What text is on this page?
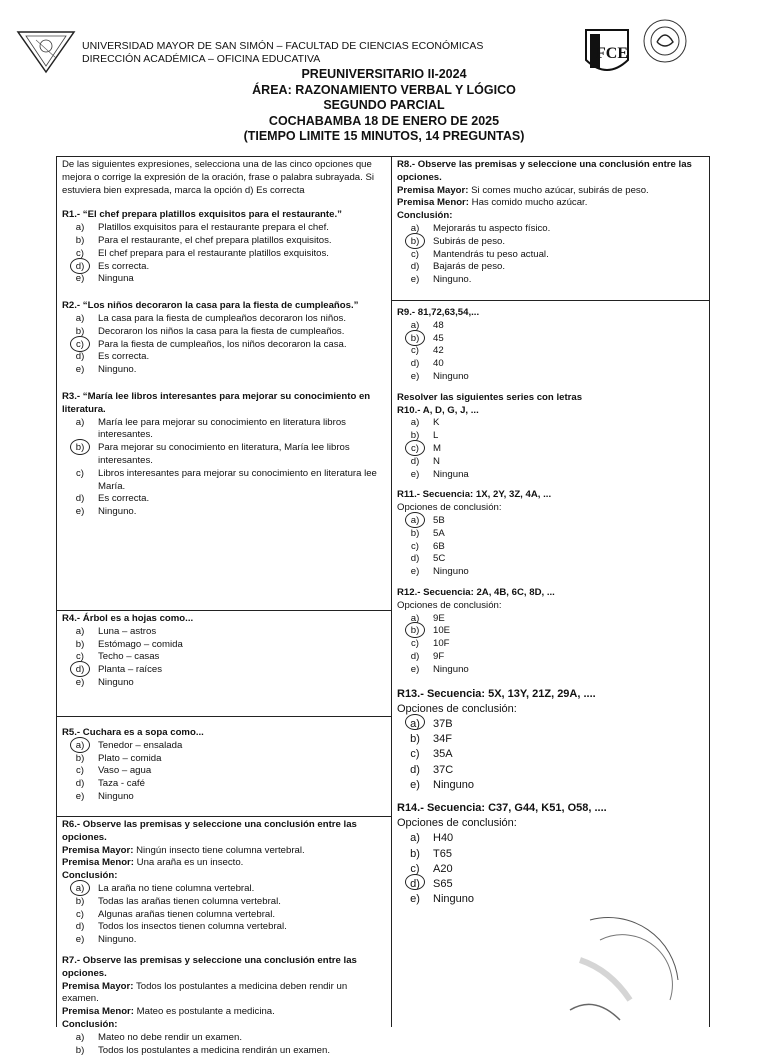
UNIVERSIDAD MAYOR DE SAN SIMÓN – FACULTAD DE CIENCIAS ECONÓMICAS
DIRECCIÓN ACADÉMICA – OFICINA EDUCATIVA	FCE
PREUNIVERSITARIO II-2024
ÁREA: RAZONAMIENTO VERBAL Y LÓGICO
SEGUNDO PARCIAL
COCHABAMBA 18 DE ENERO DE 2025
(TIEMPO LIMITE 15 MINUTOS, 14 PREGUNTAS)

De las siguientes expresiones, selecciona una de las cinco opciones que mejora o corrige la expresión de la oración, frase o palabra subrayada. Si estuviera bien expresada, marca la opción d) Es correcta

R1.- “El chef prepara platillos exquisitos para el restaurante.”
a)	Platillos exquisitos para el restaurante prepara el chef.
b)	Para el restaurante, el chef prepara platillos exquisitos.
c)	El chef prepara para el restaurante platillos exquisitos.
d)	Es correcta.
e)	Ninguna
R2.- “Los niños decoraron la casa para la fiesta de cumpleaños.”
a)	La casa para la fiesta de cumpleaños decoraron los niños.
b)	Decoraron los niños la casa para la fiesta de cumpleaños.
c)	Para la fiesta de cumpleaños, los niños decoraron la casa.
d)	Es correcta.
e)	Ninguno.
R3.- “María lee libros interesantes para mejorar su conocimiento en literatura.
a)	María lee para mejorar su conocimiento en literatura libros interesantes.
b)	Para mejorar su conocimiento en literatura, María lee libros interesantes.
c)	Libros interesantes para mejorar su conocimiento en literatura lee María.
d)	Es correcta.
e)	Ninguno.
R4.- Árbol es a hojas como...
a)	Luna – astros
b)	Estómago – comida
c)	Techo – casas
d)	Planta – raíces
e)	Ninguno
R5.- Cuchara es a sopa como...
a)	Tenedor – ensalada
b)	Plato – comida
c)	Vaso – agua
d)	Taza - café
e)	Ninguno
R6.- Observe las premisas y seleccione una conclusión entre las opciones.
Premisa Mayor: Ningún insecto tiene columna vertebral.
Premisa Menor: Una araña es un insecto.
Conclusión:
a)	La araña no tiene columna vertebral.
b)	Todas las arañas tienen columna vertebral.
c)	Algunas arañas tienen columna vertebral.
d)	Todos los insectos tienen columna vertebral.
e)	Ninguno.
R7.- Observe las premisas y seleccione una conclusión entre las opciones.
Premisa Mayor: Todos los postulantes a medicina deben rendir un examen.
Premisa Menor: Mateo es postulante a medicina.
Conclusión:
a)	Mateo no debe rendir un examen.
b)	Todos los postulantes a medicina rendirán un examen.
R8.- Observe las premisas y seleccione una conclusión entre las opciones.
Premisa Mayor: Si comes mucho azúcar, subirás de peso.
Premisa Menor: Has comido mucho azúcar.
Conclusión:
a)	Mejorarás tu aspecto físico.
b)	Subirás de peso.
c)	Mantendrás tu peso actual.
d)	Bajarás de peso.
e)	Ninguno.
R9.- 81,72,63,54,...
a)	48
b)	45
c)	42
d)	40
e)	Ninguno
Resolver las siguientes series con letras
R10.- A, D, G, J, ...
a)	K
b)	L
c)	M
d)	N
e)	Ninguna
R11.- Secuencia: 1X, 2Y, 3Z, 4A, ...
Opciones de conclusión:
a)	5B
b)	5A
c)	6B
d)	5C
e)	Ninguno
R12.- Secuencia: 2A, 4B, 6C, 8D, ...
Opciones de conclusión:
a)	9E
b)	10E
c)	10F
d)	9F
e)	Ninguno
R13.- Secuencia: 5X, 13Y, 21Z, 29A, ....
Opciones de conclusión:
a)	37B
b)	34F
c)	35A
d)	37C
e)	Ninguno
R14.- Secuencia: C37, G44, K51, O58, ....
Opciones de conclusión:
a)	H40
b)	T65
c)	A20
d)	S65
e)	Ninguno
